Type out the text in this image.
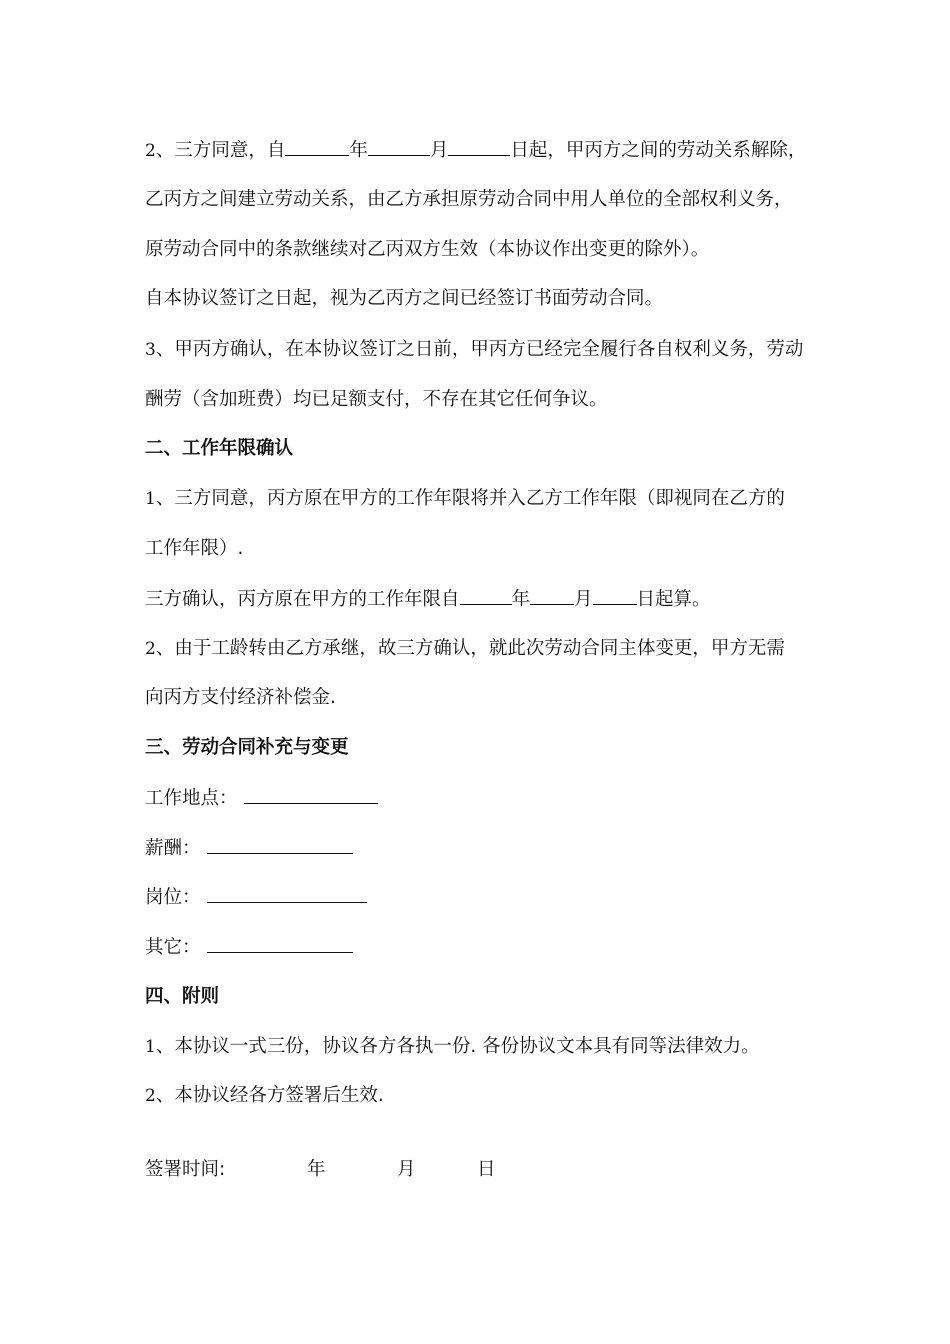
2、三方同意，自	年	月	日起，甲丙方之间的劳动关系解除，

乙丙方之间建立劳动关系，由乙方承担原劳动合同中用人单位的全部权利义务，

原劳动合同中的条款继续对乙丙双方生效（本协议作出变更的除外）。

自本协议签订之日起，视为乙丙方之间已经签订书面劳动合同。

3、甲丙方确认，在本协议签订之日前，甲丙方已经完全履行各自权利义务，劳动

酬劳（含加班费）均已足额支付，不存在其它任何争议。

二、工作年限确认

1、三方同意，丙方原在甲方的工作年限将并入乙方工作年限（即视同在乙方的

工作年限）.

三方确认，丙方原在甲方的工作年限自	年 月 日起算。

2、由于工龄转由乙方承继，故三方确认，就此次劳动合同主体变更，甲方无需

向丙方支付经济补偿金.

三、劳动合同补充与变更

工作地点：

薪酬：

岗位：

其它：

四、附则

1、本协议一式三份，协议各方各执一份. 各份协议文本具有同等法律效力。

2、本协议经各方签署后生效.

签署时间:	年	月	日
